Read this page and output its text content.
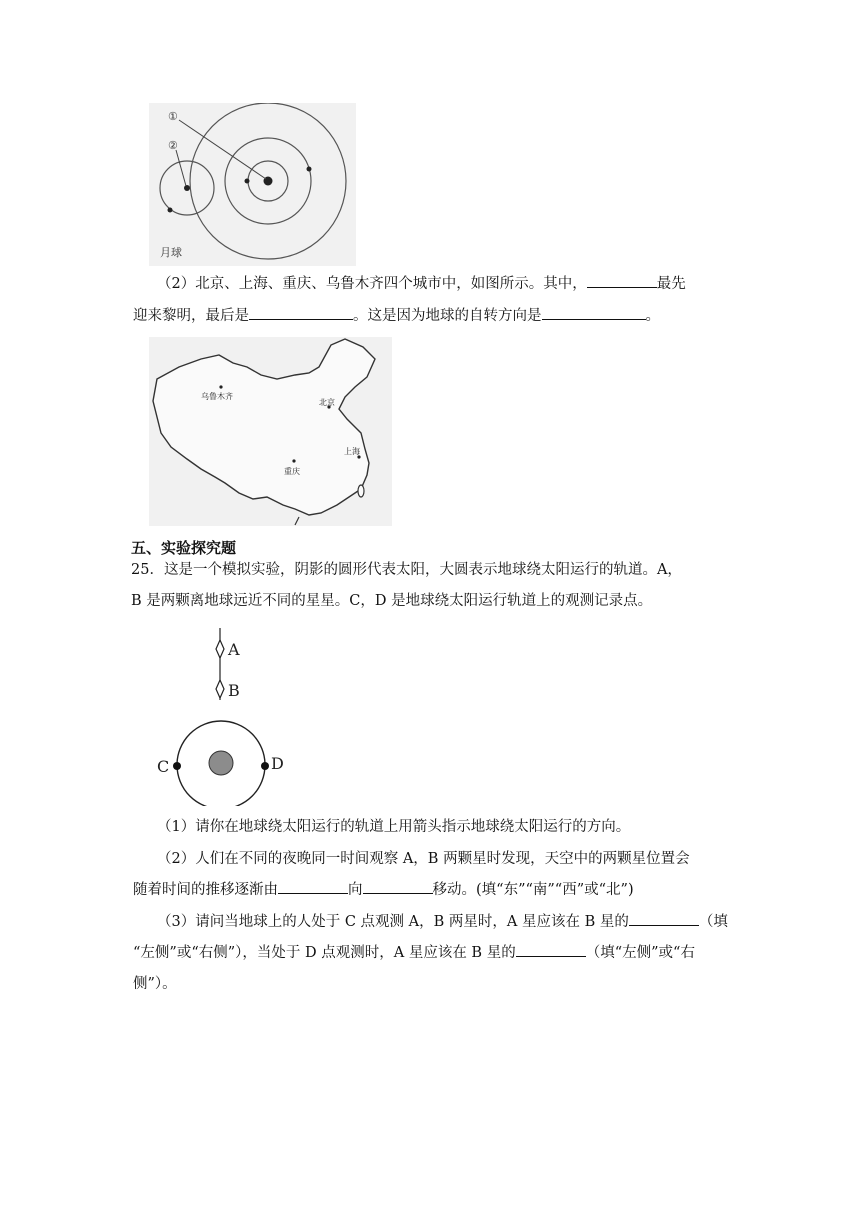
①
②
月球
（2）北京、上海、重庆、乌鲁木齐四个城市中，如图所示。其中，	最先
迎来黎明，最后是	。这是因为地球的自转方向是	。
乌鲁木齐
北京
上海
重庆
五、实验探究题
25．这是一个模拟实验，阴影的圆形代表太阳，大圆表示地球绕太阳运行的轨道。A，
B 是两颗离地球远近不同的星星。C，D 是地球绕太阳运行轨道上的观测记录点。
A
B
C	D
（1）请你在地球绕太阳运行的轨道上用箭头指示地球绕太阳运行的方向。
（2）人们在不同的夜晚同一时间观察 A，B 两颗星时发现，天空中的两颗星位置会
随着时间的推移逐渐由	向	移动。(填“东”“南”“西”或“北”)
（3）请问当地球上的人处于 C 点观测 A，B 两星时，A 星应该在 B 星的	（填
“左侧”或“右侧”），当处于 D 点观测时，A 星应该在 B 星的	（填“左侧”或“右
侧”）。
